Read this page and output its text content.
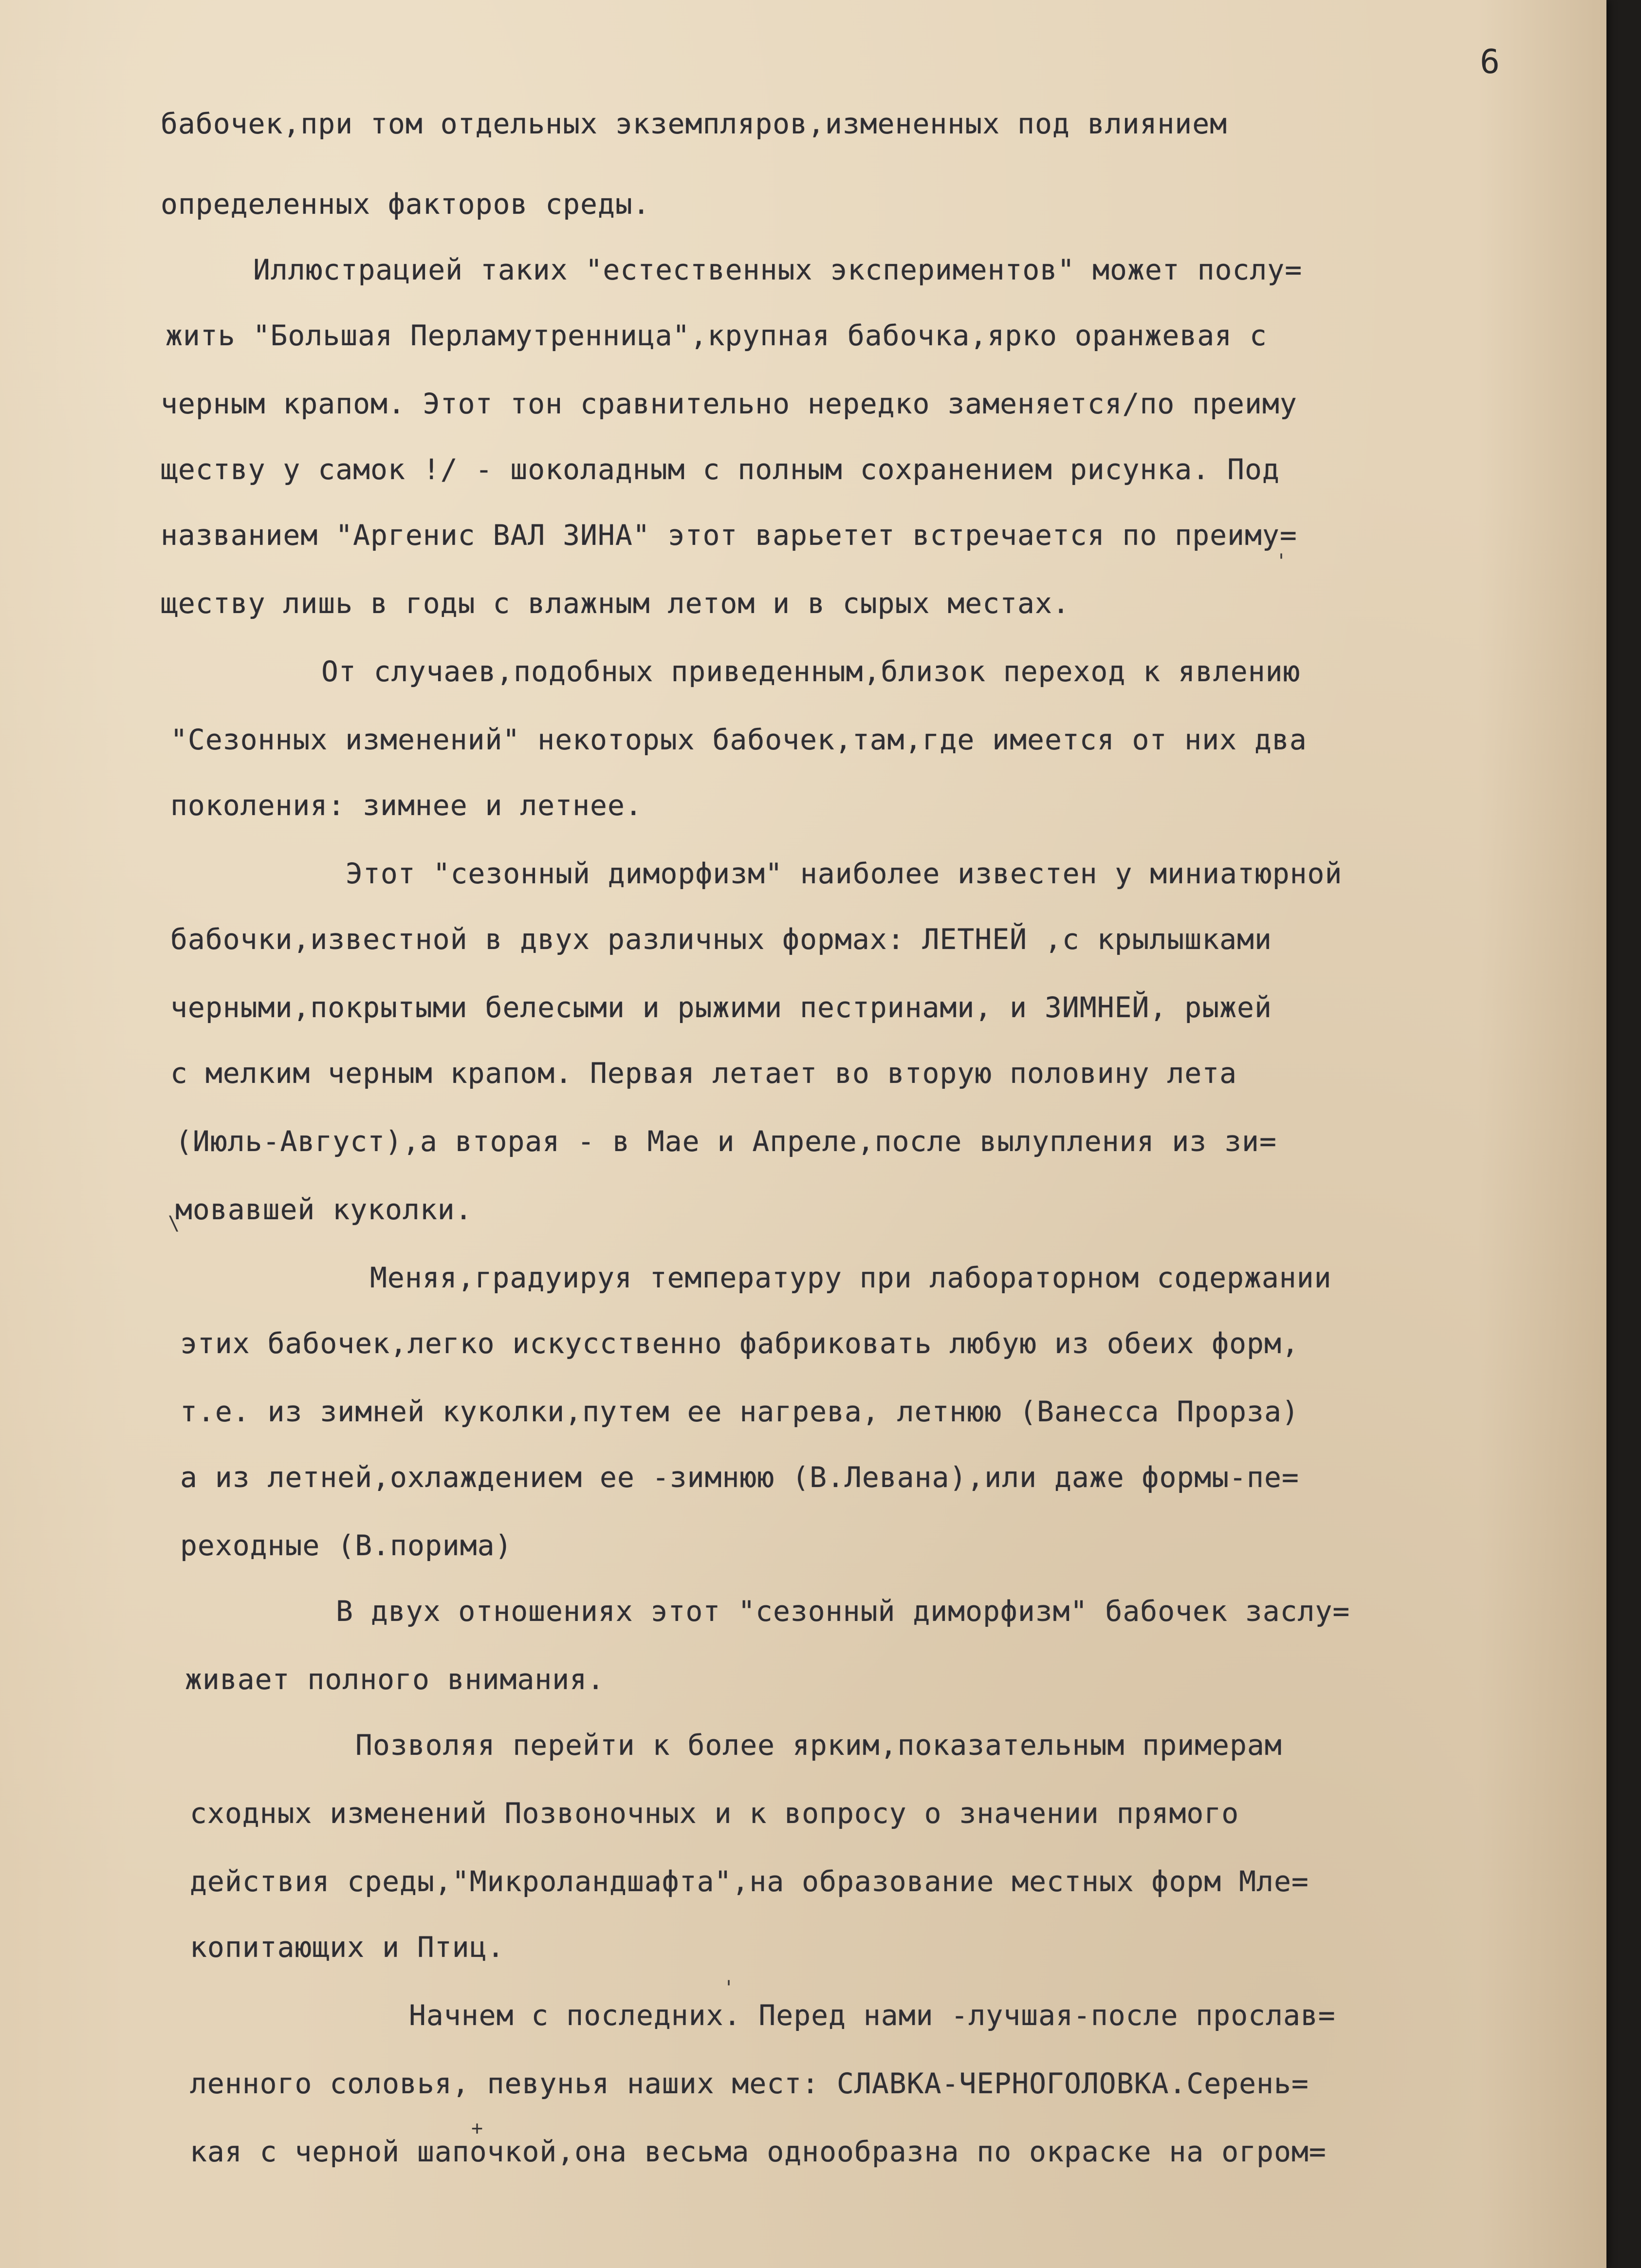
6
бабочек,при том отдельных экземпляров,измененных под влиянием
определенных факторов среды.
Иллюстрацией таких "естественных экспериментов" может послу=
жить "Большая Перламутренница",крупная бабочка,ярко оранжевая с
черным крапом. Этот тон сравнительно нередко заменяется/по преиму
ществу у самок !/ - шоколадным с полным сохранением рисунка. Под
названием "Аргенис ВАЛ ЗИНА" этот варьетет встречается по преиму=
ществу лишь в годы с влажным летом и в сырых местах.
От случаев,подобных приведенным,близок переход к явлению
"Сезонных изменений" некоторых бабочек,там,где имеется от них два
поколения: зимнее и летнее.
Этот "сезонный диморфизм" наиболее известен у миниатюрной
бабочки,известной в двух различных формах: ЛЕТНЕЙ ,с крылышками
черными,покрытыми белесыми и рыжими пестринами, и ЗИМНЕЙ, рыжей
с мелким черным крапом. Первая летает во вторую половину лета
(Июль-Август),а вторая - в Мае и Апреле,после вылупления из зи=
мовавшей куколки.
Меняя,градуируя температуру при лабораторном содержании
этих бабочек,легко искусственно фабриковать любую из обеих форм,
т.е. из зимней куколки,путем ее нагрева, летнюю (Ванесса Прорза)
а из летней,охлаждением ее -зимнюю (В.Левана),или даже формы-пе=
реходные (В.порима)
В двух отношениях этот "сезонный диморфизм" бабочек заслу=
живает полного внимания.
Позволяя перейти к более ярким,показательным примерам
сходных изменений Позвоночных и к вопросу о значении прямого
действия среды,"Микроландшафта",на образование местных форм Мле=
копитающих и Птиц.
Начнем с последних. Перед нами -лучшая-после прослав=
ленного соловья, певунья наших мест: СЛАВКА-ЧЕРНОГОЛОВКА.Серень=
кая с черной шапочкой,она весьма однообразна по окраске на огром=
\
'
'
+
